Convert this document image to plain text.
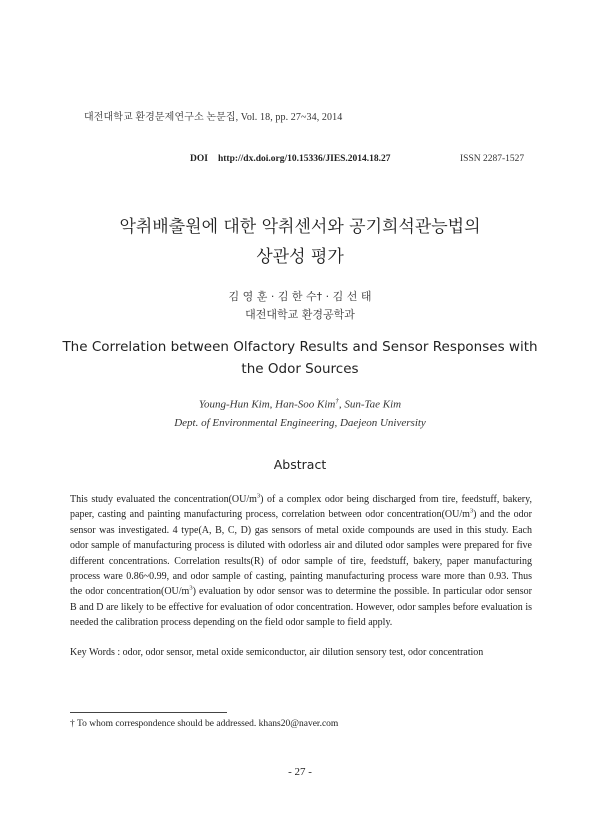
대전대학교 환경문제연구소 논문집, Vol. 18, pp. 27~34, 2014
DOI http://dx.doi.org/10.15336/JIES.2014.18.27	ISSN 2287-1527
악취배출원에 대한 악취센서와 공기희석관능법의
상관성 평가
김 영 훈 · 김 한 수† · 김 선 태
대전대학교 환경공학과
The Correlation between Olfactory Results and Sensor Responses with
the Odor Sources
Young-Hun Kim, Han-Soo Kim†, Sun-Tae Kim
Dept. of Environmental Engineering, Daejeon University
Abstract
This study evaluated the $concentration(OU/m^3)$ of a complex odor being discharged from tire, feedstuff, bakery, paper, casting and painting manufacturing process, correlation between odor $concentration(OU/m^3)$ and the odor sensor was investigated. 4 type(A, B, C, D) gas sensors of metal oxide compounds are used in this study. Each odor sample of manufacturing process is diluted with odorless air and diluted odor samples were prepared for five different concentrations. Correlation results(R) of odor sample of tire, feedstuff, bakery, paper manufacturing process ware 0.86~0.99, and odor sample of casting, painting manufacturing process ware more than 0.93. Thus the odor $concentration(OU/m^3)$ evaluation by odor sensor was to determine the possible. In particular odor sensor B and D are likely to be effective for evaluation of odor concentration. However, odor samples before evaluation is needed the calibration process depending on the field odor sample to field apply.
Key Words : odor, odor sensor, metal oxide semiconductor, air dilution sensory test, odor concentration
† To whom correspondence should be addressed. khans20@naver.com
- 27 -
